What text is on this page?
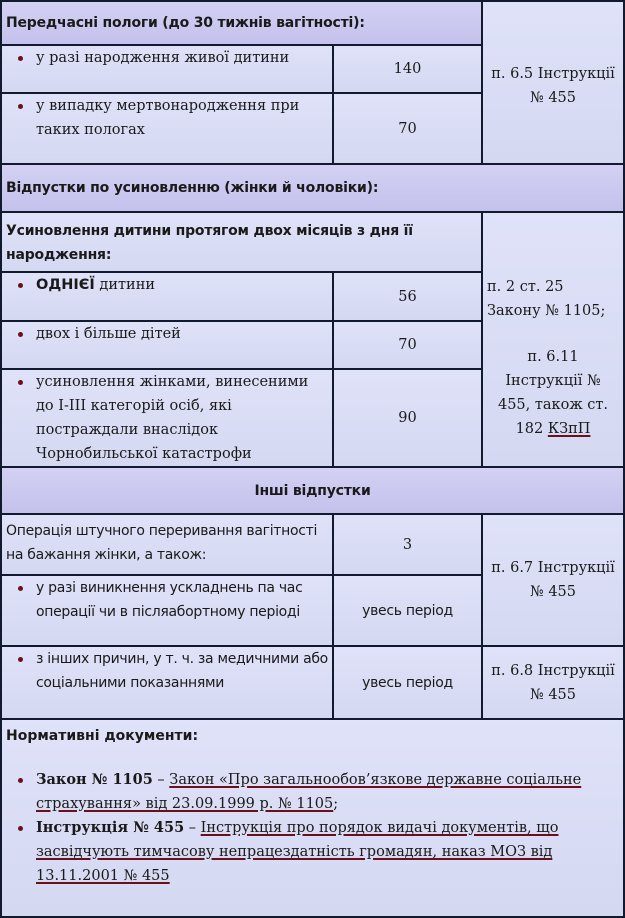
Передчасні пологи (до 30 тижнів вагітності):		п. 6.5 Інструкції № 455

у разі народження живої дитини	140	

у випадку мертвонародження при таких пологах	70	
Відпустки по усиновленню (жінки й чоловіки):		
Усиновлення дитини протягом двох місяців з дня її народження:		п. 2 ст. 25 Закону № 1105;
п. 6.11 Інструкції № 455, також ст. 182 КЗпП

ОДНІЄЇ дитини	56	

двох і більше дітей	70	

усиновлення жінками, винесеними до І-ІІІ категорій осіб, які постраждали внаслідок Чорнобильської катастрофи	90	
Інші відпустки		
Операція штучного переривання вагітності на бажання жінки, а також:	3	п. 6.7 Інструкції № 455

у разі виникнення ускладнень па час операції чи в післяабортному періоді	увесь період	

з інших причин, у т. ч. за медичними або соціальними показаннями	увесь період	п. 6.8 Інструкції № 455

Нормативні документи:
Закон № 1105 – Закон «Про загальнообов’язкове державне соціальне страхування» від 23.09.1999 р. № 1105;
Інструкція № 455 – Інструкція про порядок видачі документів, що засвідчують тимчасову непрацездатність громадян, наказ МОЗ від 13.11.2001 № 455
